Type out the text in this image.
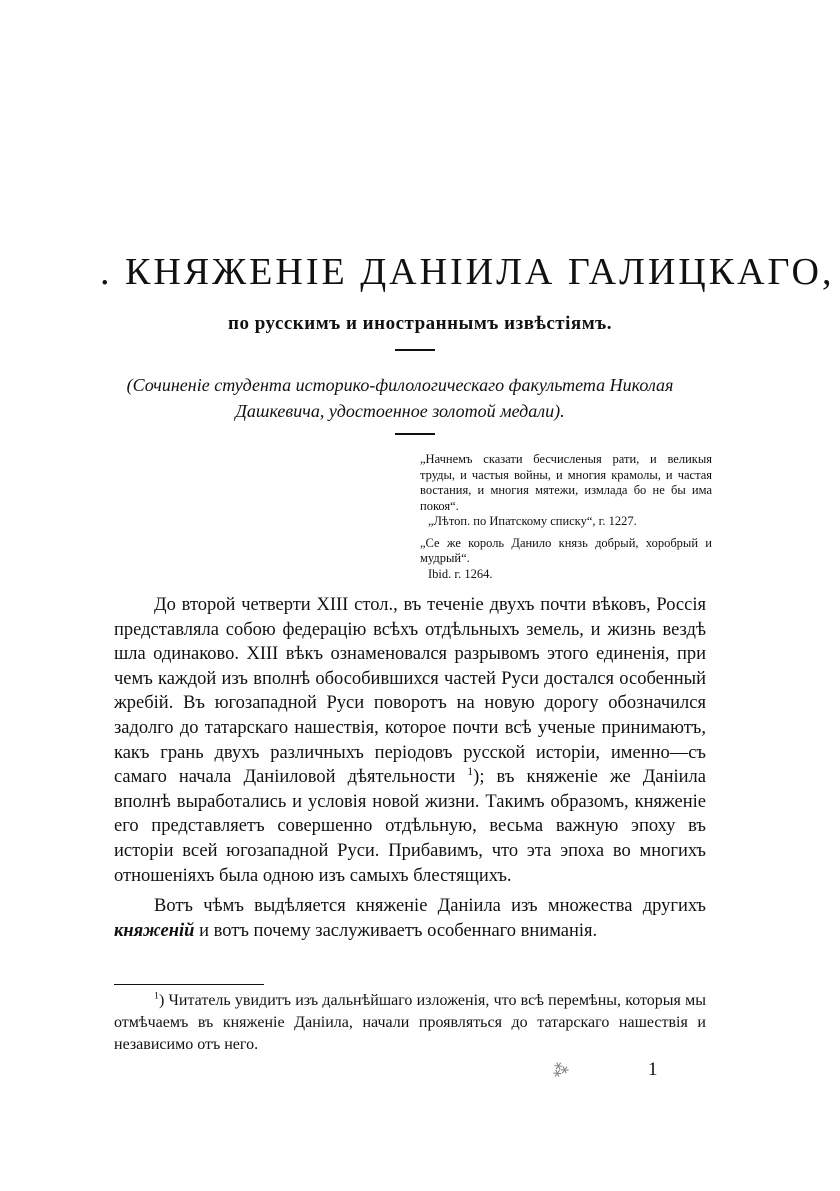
. КНЯЖЕНІЕ ДАНІИЛА ГАЛИЦКАГО,
по русскимъ и иностраннымъ извѣстіямъ.
(Сочиненіе студента историко-филологическаго факультета Николая Дашкевича, удостоенное золотой медали).

„Начнемъ сказати бесчисленыя рати, и великыя труды, и частыя войны, и многия крамолы, и частая востания, и многия мятежи, измлада бо не бы има покоя“.

„Лѣтоп. по Ипатскому списку“, г. 1227.

„Се же король Данило князь добрый, хоробрый и мудрый“.

Ibid. г. 1264.

До второй четверти XIII стол., въ теченіе двухъ почти вѣковъ, Россія представляла собою федерацію всѣхъ отдѣльныхъ земель, и жизнь вездѣ шла одинаково. XIII вѣкъ ознаменовался разрывомъ этого единенія, при чемъ каждой изъ вполнѣ обособившихся частей Руси достался особенный жребій. Въ югозападной Руси поворотъ на новую дорогу обозначился задолго до татарскаго нашествія, которое почти всѣ ученые принимаютъ, какъ грань двухъ различныхъ періодовъ русской исторіи, именно—съ самаго начала Даніиловой дѣятельности $^1$); въ княженіе же Даніила вполнѣ выработались и условія новой жизни. Такимъ образомъ, княженіе его представляетъ совершенно отдѣльную, весьма важную эпоху въ исторіи всей югозападной Руси. Прибавимъ, что эта эпоха во многихъ отношеніяхъ была одною изъ самыхъ блестящихъ.

Вотъ чѣмъ выдѣляется княженіе Даніила изъ множества другихъ княженій и вотъ почему заслуживаетъ особеннаго вниманія.

$^1$) Читатель увидитъ изъ дальнѣйшаго изложенія, что всѣ перемѣны, которыя мы отмѣчаемъ въ княженіе Даніила, начали проявляться до татарскаго нашествія и независимо отъ него.

⁂	1
